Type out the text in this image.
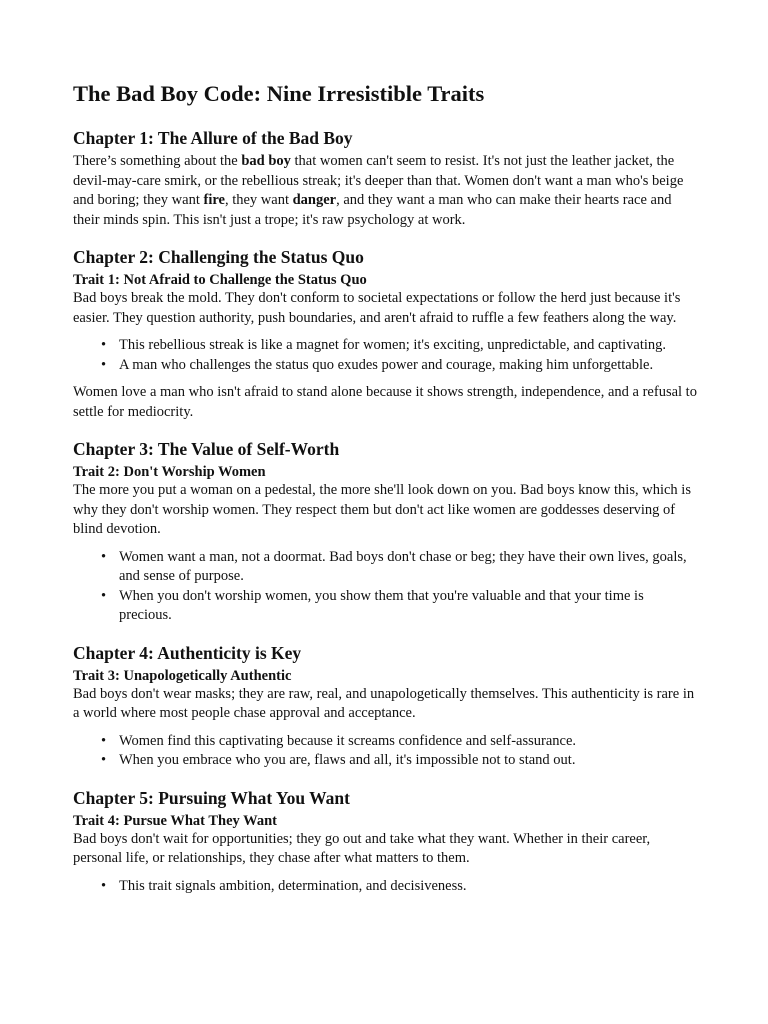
The Bad Boy Code: Nine Irresistible Traits
Chapter 1: The Allure of the Bad Boy

There’s something about the bad boy that women can't seem to resist. It's not just the leather jacket, the devil-may-care smirk, or the rebellious streak; it's deeper than that. Women don't want a man who's beige and boring; they want fire, they want danger, and they want a man who can make their hearts race and their minds spin. This isn't just a trope; it's raw psychology at work.

Chapter 2: Challenging the Status Quo
Trait 1: Not Afraid to Challenge the Status Quo

Bad boys break the mold. They don't conform to societal expectations or follow the herd just because it's easier. They question authority, push boundaries, and aren't afraid to ruffle a few feathers along the way.

• This rebellious streak is like a magnet for women; it's exciting, unpredictable, and captivating.
• A man who challenges the status quo exudes power and courage, making him unforgettable.

Women love a man who isn't afraid to stand alone because it shows strength, independence, and a refusal to settle for mediocrity.

Chapter 3: The Value of Self-Worth
Trait 2: Don't Worship Women

The more you put a woman on a pedestal, the more she'll look down on you. Bad boys know this, which is why they don't worship women. They respect them but don't act like women are goddesses deserving of blind devotion.

• Women want a man, not a doormat. Bad boys don't chase or beg; they have their own lives, goals, and sense of purpose.
• When you don't worship women, you show them that you're valuable and that your time is precious.
Chapter 4: Authenticity is Key
Trait 3: Unapologetically Authentic

Bad boys don't wear masks; they are raw, real, and unapologetically themselves. This authenticity is rare in a world where most people chase approval and acceptance.

• Women find this captivating because it screams confidence and self-assurance.
• When you embrace who you are, flaws and all, it's impossible not to stand out.
Chapter 5: Pursuing What You Want
Trait 4: Pursue What They Want

Bad boys don't wait for opportunities; they go out and take what they want. Whether in their career, personal life, or relationships, they chase after what matters to them.

• This trait signals ambition, determination, and decisiveness.
